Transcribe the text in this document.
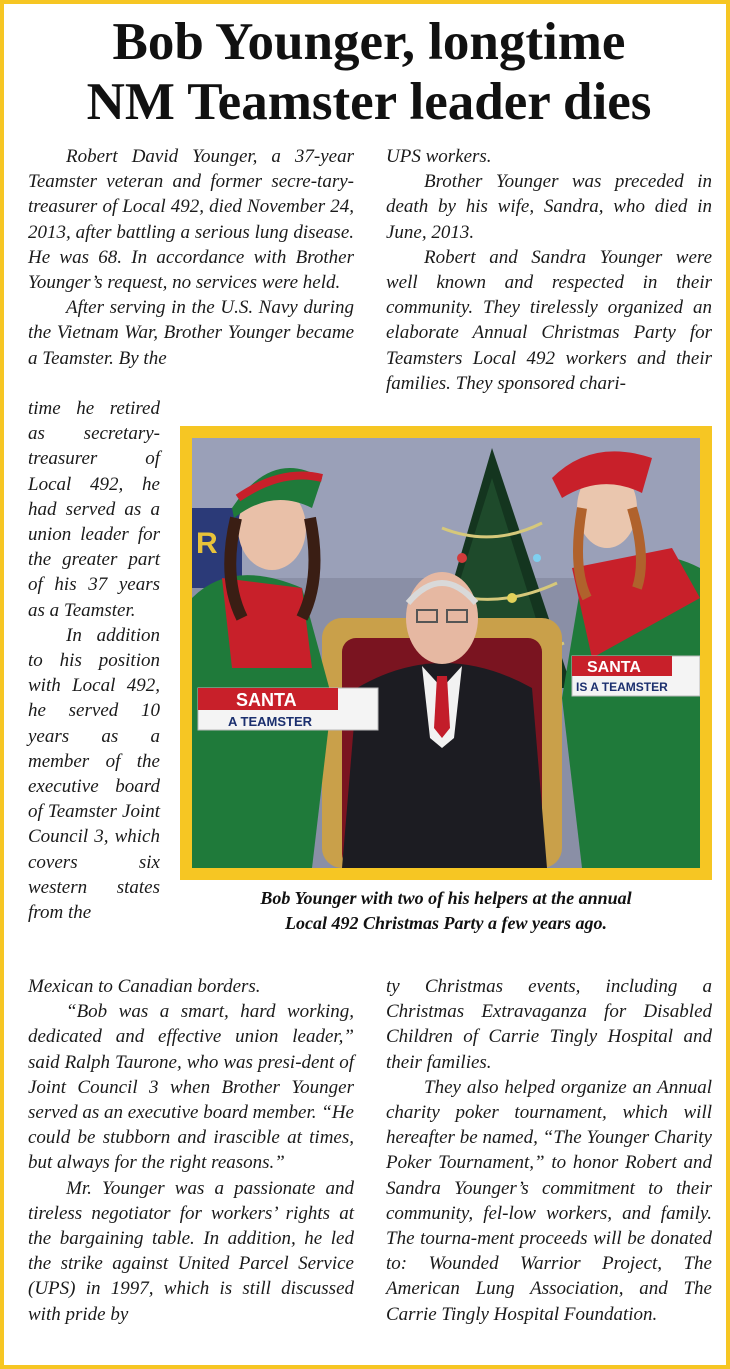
Bob Younger, longtime
NM Teamster leader dies

Robert David Younger, a 37-year Teamster veteran and former secre-tary-treasurer of Local 492, died November 24, 2013, after battling a serious lung disease. He was 68. In accordance with Brother Younger’s request, no services were held.

After serving in the U.S. Navy during the Vietnam War, Brother Younger became a Teamster. By the

time he retired as secretary-treasurer of Local 492, he had served as a union leader for the greater part of his 37 years as a Teamster.

In addition to his position with Local 492, he served 10 years as a member of the executive board of Teamster Joint Council 3, which covers six western states from the

Mexican to Canadian borders.

“Bob was a smart, hard working, dedicated and effective union leader,” said Ralph Taurone, who was presi-dent of Joint Council 3 when Brother Younger served as an executive board member. “He could be stubborn and irascible at times, but always for the right reasons.”

Mr. Younger was a passionate and tireless negotiator for workers’ rights at the bargaining table. In addition, he led the strike against United Parcel Service (UPS) in 1997, which is still discussed with pride by

UPS workers.

Brother Younger was preceded in death by his wife, Sandra, who died in June, 2013.

Robert and Sandra Younger were well known and respected in their community. They tirelessly organized an elaborate Annual Christmas Party for Teamsters Local 492 workers and their families. They sponsored chari-

ty Christmas events, including a Christmas Extravaganza for Disabled Children of Carrie Tingly Hospital and their families.

They also helped organize an Annual charity poker tournament, which will hereafter be named, “The Younger Charity Poker Tournament,” to honor Robert and Sandra Younger’s commitment to their community, fel-low workers, and family. The tourna-ment proceeds will be donated to: Wounded Warrior Project, The American Lung Association, and The Carrie Tingly Hospital Foundation.

R
SANTA
A TEAMSTER
SANTA
IS A TEAMSTER

Bob Younger with two of his helpers at the annual
Local 492 Christmas Party a few years ago.
